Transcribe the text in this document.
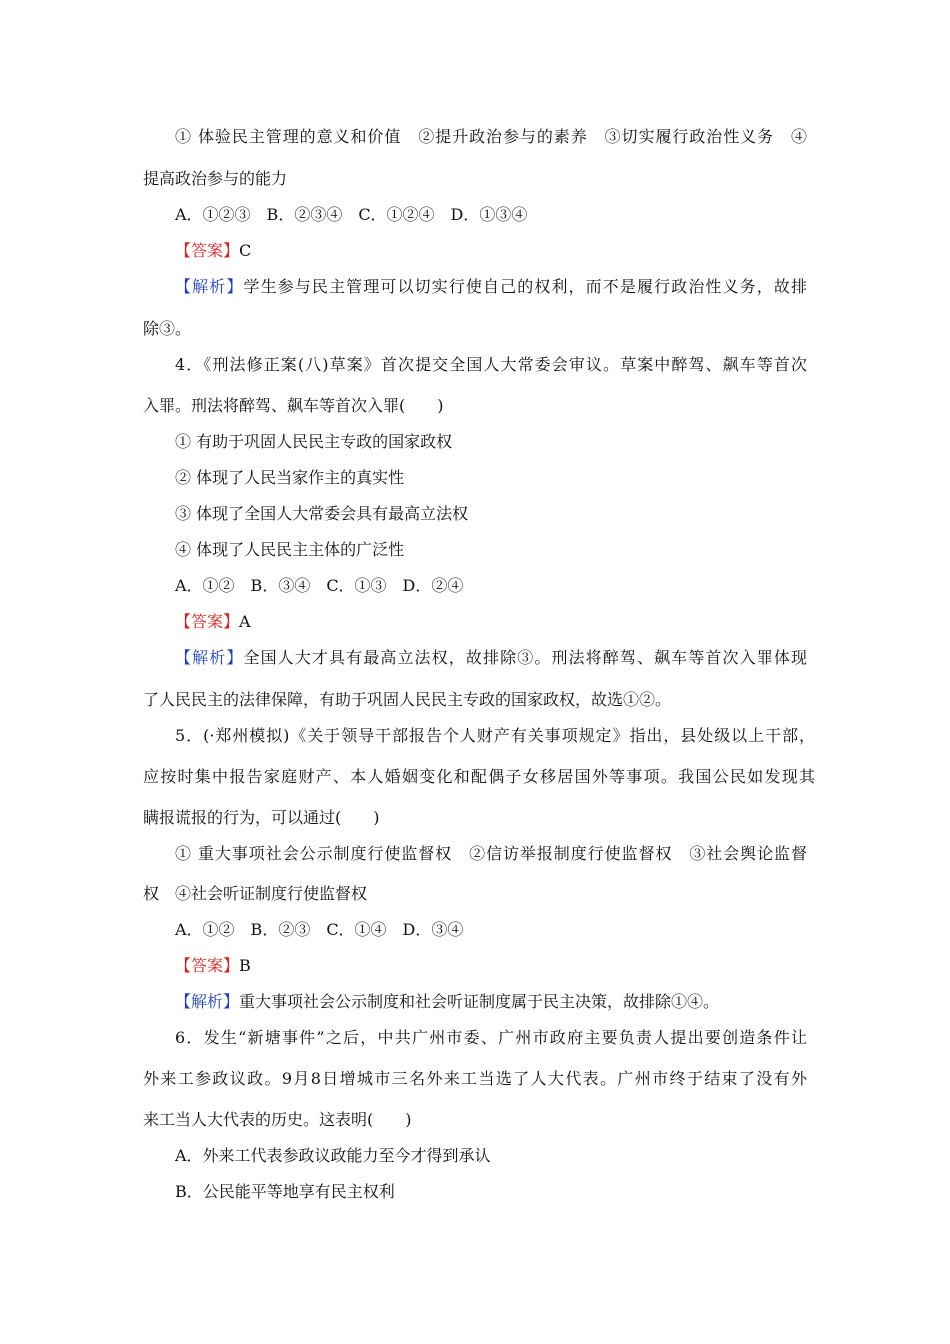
① 体验民主管理的意义和价值　②提升政治参与的素养　③切实履行政治性义务　④
提高政治参与的能力
A．①②③　B．②③④　C．①②④　D．①③④
【答案】C
【解析】学生参与民主管理可以切实行使自己的权利，而不是履行政治性义务，故排
除③。
4．《刑法修正案(八)草案》首次提交全国人大常委会审议。草案中醉驾、飙车等首次
入罪。刑法将醉驾、飙车等首次入罪(　　)
① 有助于巩固人民民主专政的国家政权
② 体现了人民当家作主的真实性
③ 体现了全国人大常委会具有最高立法权
④ 体现了人民民主主体的广泛性
A．①②　B．③④　C．①③　D．②④
【答案】A
【解析】全国人大才具有最高立法权，故排除③。刑法将醉驾、飙车等首次入罪体现
了人民民主的法律保障，有助于巩固人民民主专政的国家政权，故选①②。
5．(·郑州模拟)《关于领导干部报告个人财产有关事项规定》指出，县处级以上干部，
应按时集中报告家庭财产、本人婚姻变化和配偶子女移居国外等事项。我国公民如发现其
瞒报谎报的行为，可以通过(　　)
① 重大事项社会公示制度行使监督权　②信访举报制度行使监督权　③社会舆论监督
权　④社会听证制度行使监督权
A．①②　B．②③　C．①④　D．③④
【答案】B
【解析】重大事项社会公示制度和社会听证制度属于民主决策，故排除①④。
6．发生“新塘事件”之后，中共广州市委、广州市政府主要负责人提出要创造条件让
外来工参政议政。9月8日增城市三名外来工当选了人大代表。广州市终于结束了没有外
来工当人大代表的历史。这表明(　　)
A．外来工代表参政议政能力至今才得到承认
B．公民能平等地享有民主权利
